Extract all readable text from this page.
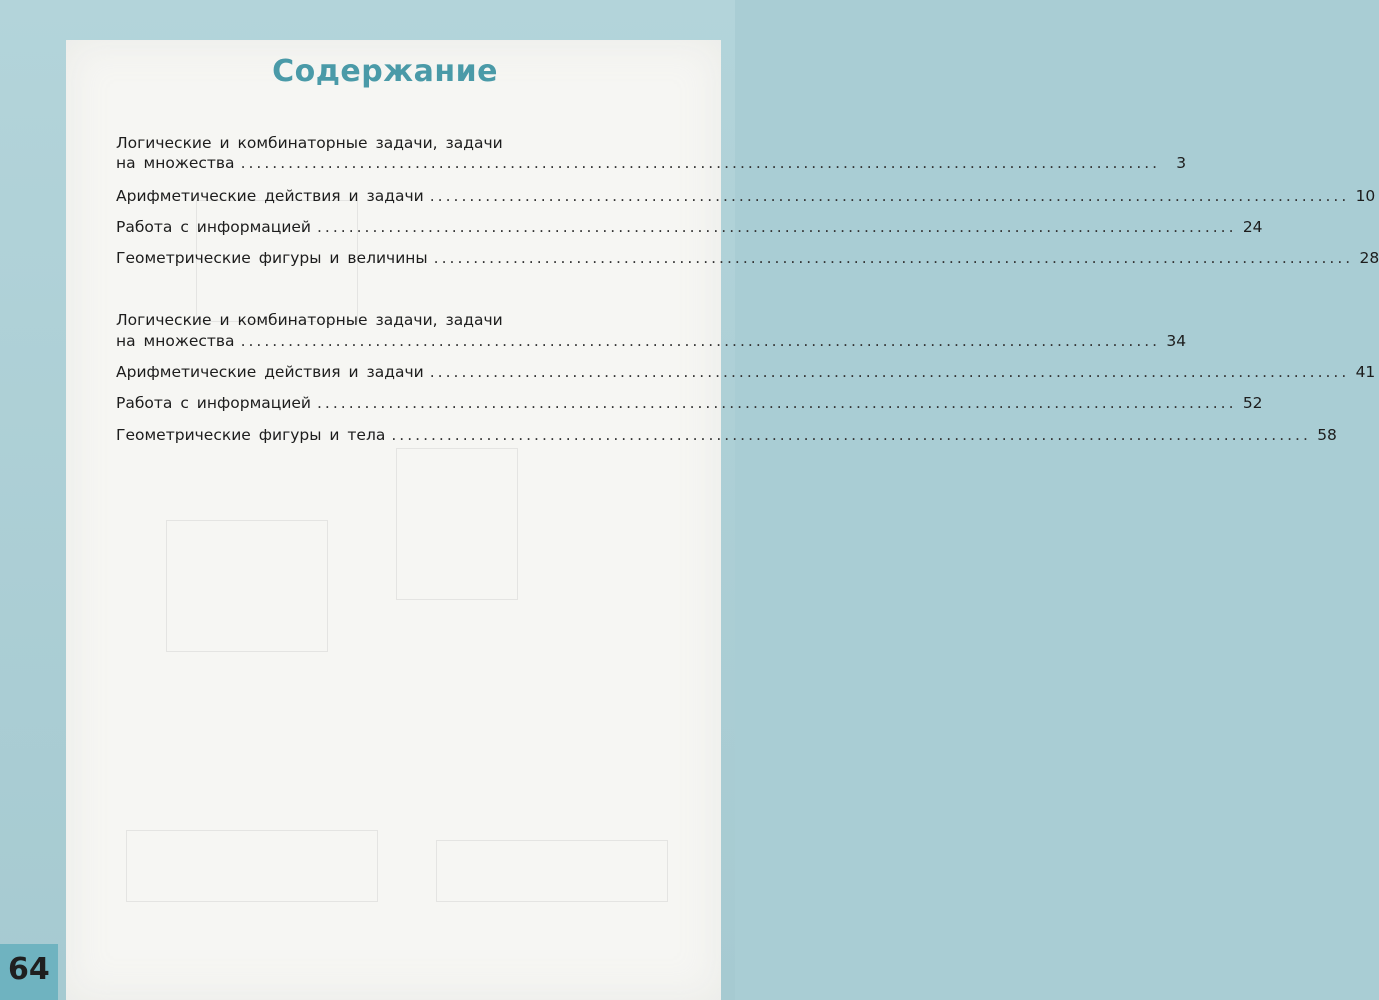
Содержание
Логические и комбинаторные задачи, задачи
на множества ....................................................................................................................	3
Арифметические действия и задачи .................................................................................................................... 10
Работа с информацией .................................................................................................................... 24
Геометрические фигуры и величины .................................................................................................................... 28
Логические и комбинаторные задачи, задачи
на множества .................................................................................................................... 34
Арифметические действия и задачи .................................................................................................................... 41
Работа с информацией .................................................................................................................... 52
Геометрические фигуры и тела .................................................................................................................... 58
64
